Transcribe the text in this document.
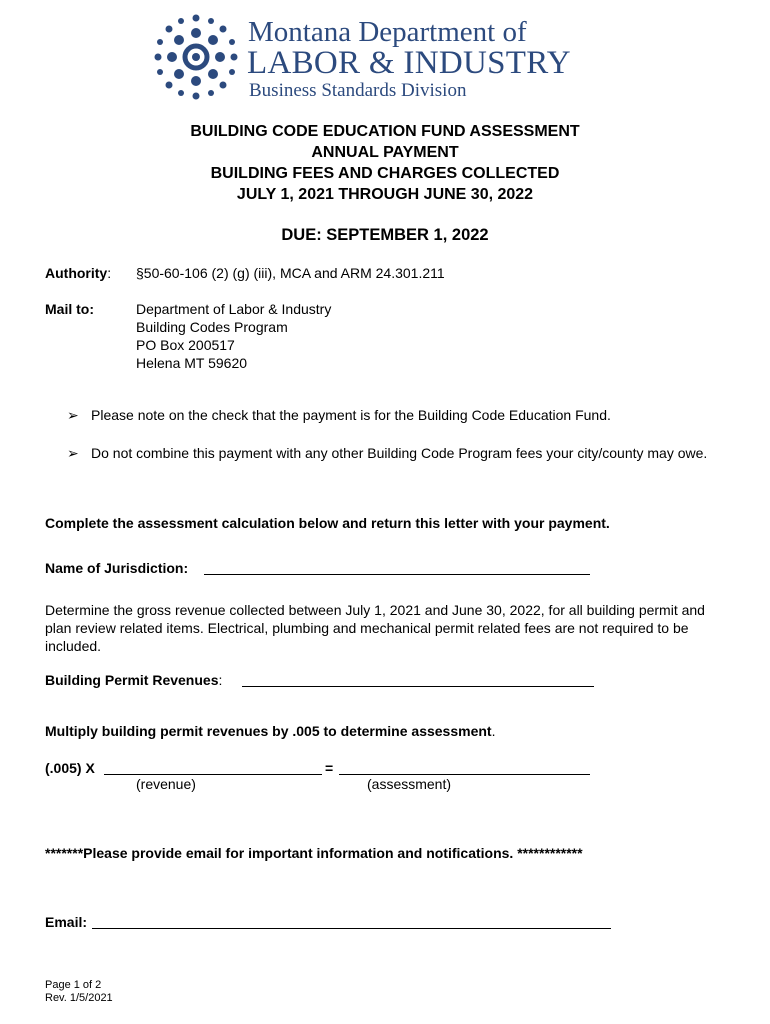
Montana Department of
LABOR & INDUSTRY
Business Standards Division
BUILDING CODE EDUCATION FUND ASSESSMENT
ANNUAL PAYMENT
BUILDING FEES AND CHARGES COLLECTED
JULY 1, 2021 THROUGH JUNE 30, 2022
DUE: SEPTEMBER 1, 2022
Authority: §50-60-106 (2) (g) (iii), MCA and ARM 24.301.211
Mail to:	Department of Labor & Industry
Building Codes Program
PO Box 200517
Helena MT 59620
➢ Please note on the check that the payment is for the Building Code Education Fund.
➢ Do not combine this payment with any other Building Code Program fees your city/county may owe.
Complete the assessment calculation below and return this letter with your payment.
Name of Jurisdiction:
Determine the gross revenue collected between July 1, 2021 and June 30, 2022, for all building permit and plan review related items. Electrical, plumbing and mechanical permit related fees are not required to be included.
Building Permit Revenues:
Multiply building permit revenues by .005 to determine assessment.
(.005) X	=
(revenue)	(assessment)
*******Please provide email for important information and notifications. ************
Email:
Page 1 of 2
Rev. 1/5/2021
